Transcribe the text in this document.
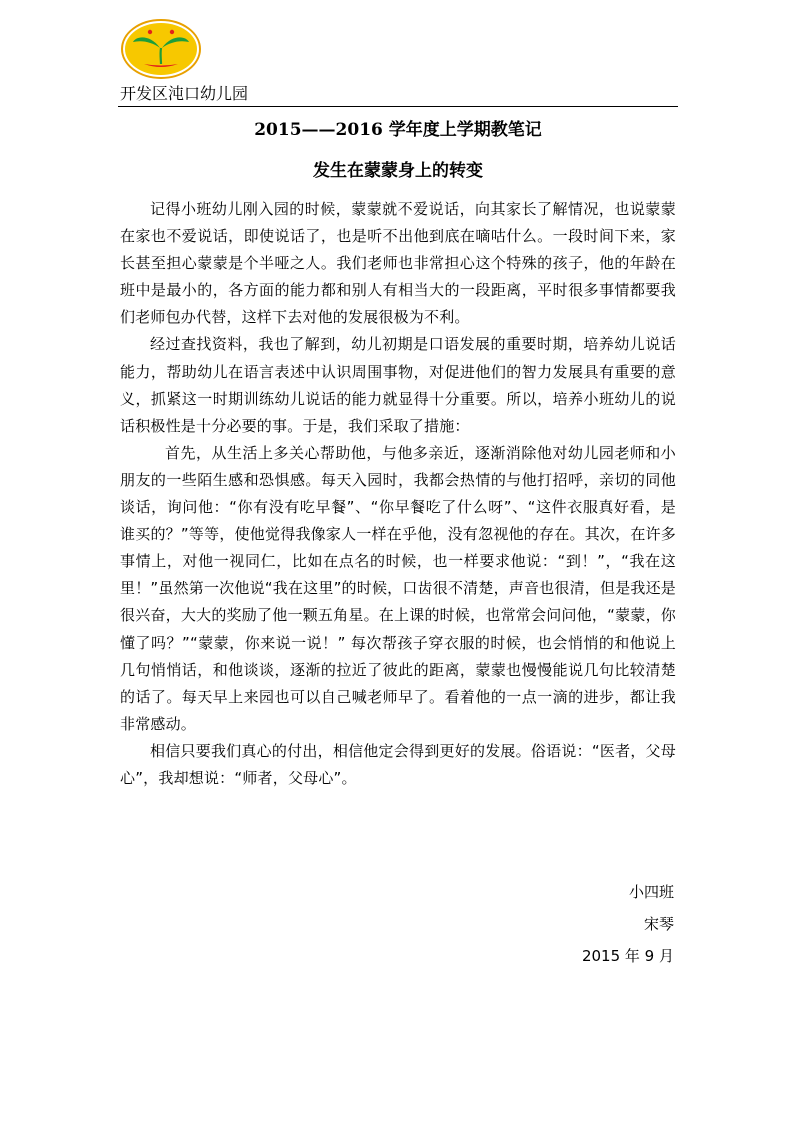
开发区沌口幼儿园
2015——2016 学年度上学期教笔记
发生在蒙蒙身上的转变

记得小班幼儿刚入园的时候，蒙蒙就不爱说话，向其家长了解情况，也说蒙蒙在家也不爱说话，即使说话了，也是听不出他到底在嘀咕什么。一段时间下来，家长甚至担心蒙蒙是个半哑之人。我们老师也非常担心这个特殊的孩子，他的年龄在班中是最小的，各方面的能力都和别人有相当大的一段距离，平时很多事情都要我们老师包办代替，这样下去对他的发展很极为不利。

经过查找资料，我也了解到，幼儿初期是口语发展的重要时期，培养幼儿说话能力，帮助幼儿在语言表述中认识周围事物，对促进他们的智力发展具有重要的意义，抓紧这一时期训练幼儿说话的能力就显得十分重要。所以，培养小班幼儿的说话积极性是十分必要的事。于是，我们采取了措施：

首先，从生活上多关心帮助他，与他多亲近，逐渐消除他对幼儿园老师和小朋友的一些陌生感和恐惧感。每天入园时，我都会热情的与他打招呼，亲切的同他谈话，询问他：“你有没有吃早餐”、“你早餐吃了什么呀”、“这件衣服真好看，是谁买的？”等等，使他觉得我像家人一样在乎他，没有忽视他的存在。其次，在许多事情上，对他一视同仁，比如在点名的时候，也一样要求他说：“到！”，“我在这里！”虽然第一次他说“我在这里”的时候，口齿很不清楚，声音也很清，但是我还是很兴奋，大大的奖励了他一颗五角星。在上课的时候，也常常会问问他，“蒙蒙，你懂了吗？”“蒙蒙，你来说一说！” 每次帮孩子穿衣服的时候，也会悄悄的和他说上几句悄悄话，和他谈谈，逐渐的拉近了彼此的距离，蒙蒙也慢慢能说几句比较清楚的话了。每天早上来园也可以自己喊老师早了。看着他的一点一滴的进步，都让我非常感动。

相信只要我们真心的付出，相信他定会得到更好的发展。俗语说：“医者，父母心”，我却想说：“师者，父母心”。

小四班
宋琴
2015 年 9 月
